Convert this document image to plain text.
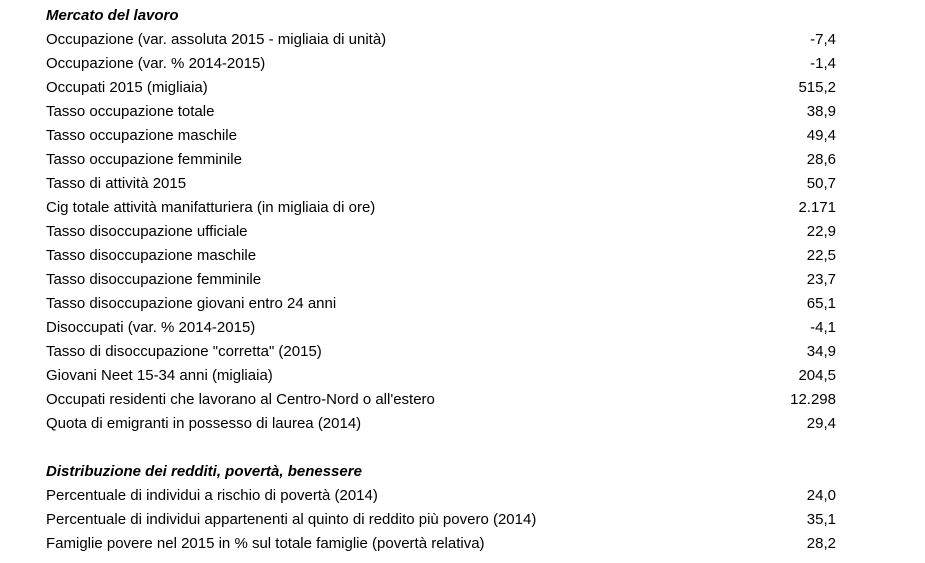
Mercato del lavoro
Occupazione (var. assoluta 2015 - migliaia di unità)	-7,4
Occupazione (var. % 2014-2015)	-1,4
Occupati 2015 (migliaia)	515,2
Tasso occupazione totale	38,9
Tasso occupazione maschile	49,4
Tasso occupazione femminile	28,6
Tasso di attività 2015	50,7
Cig totale attività manifatturiera (in migliaia di ore)	2.171
Tasso disoccupazione ufficiale	22,9
Tasso disoccupazione maschile	22,5
Tasso disoccupazione femminile	23,7
Tasso disoccupazione giovani entro 24 anni	65,1
Disoccupati (var. % 2014-2015)	-4,1
Tasso di disoccupazione "corretta" (2015)	34,9
Giovani Neet 15-34 anni (migliaia)	204,5
Occupati residenti che lavorano al Centro-Nord o all'estero	12.298
Quota di emigranti in possesso di laurea (2014)	29,4
Distribuzione dei redditi, povertà, benessere
Percentuale di individui a rischio di povertà (2014)	24,0
Percentuale di individui appartenenti al quinto di reddito più povero (2014)	35,1
Famiglie povere nel 2015 in % sul totale famiglie (povertà relativa)	28,2
